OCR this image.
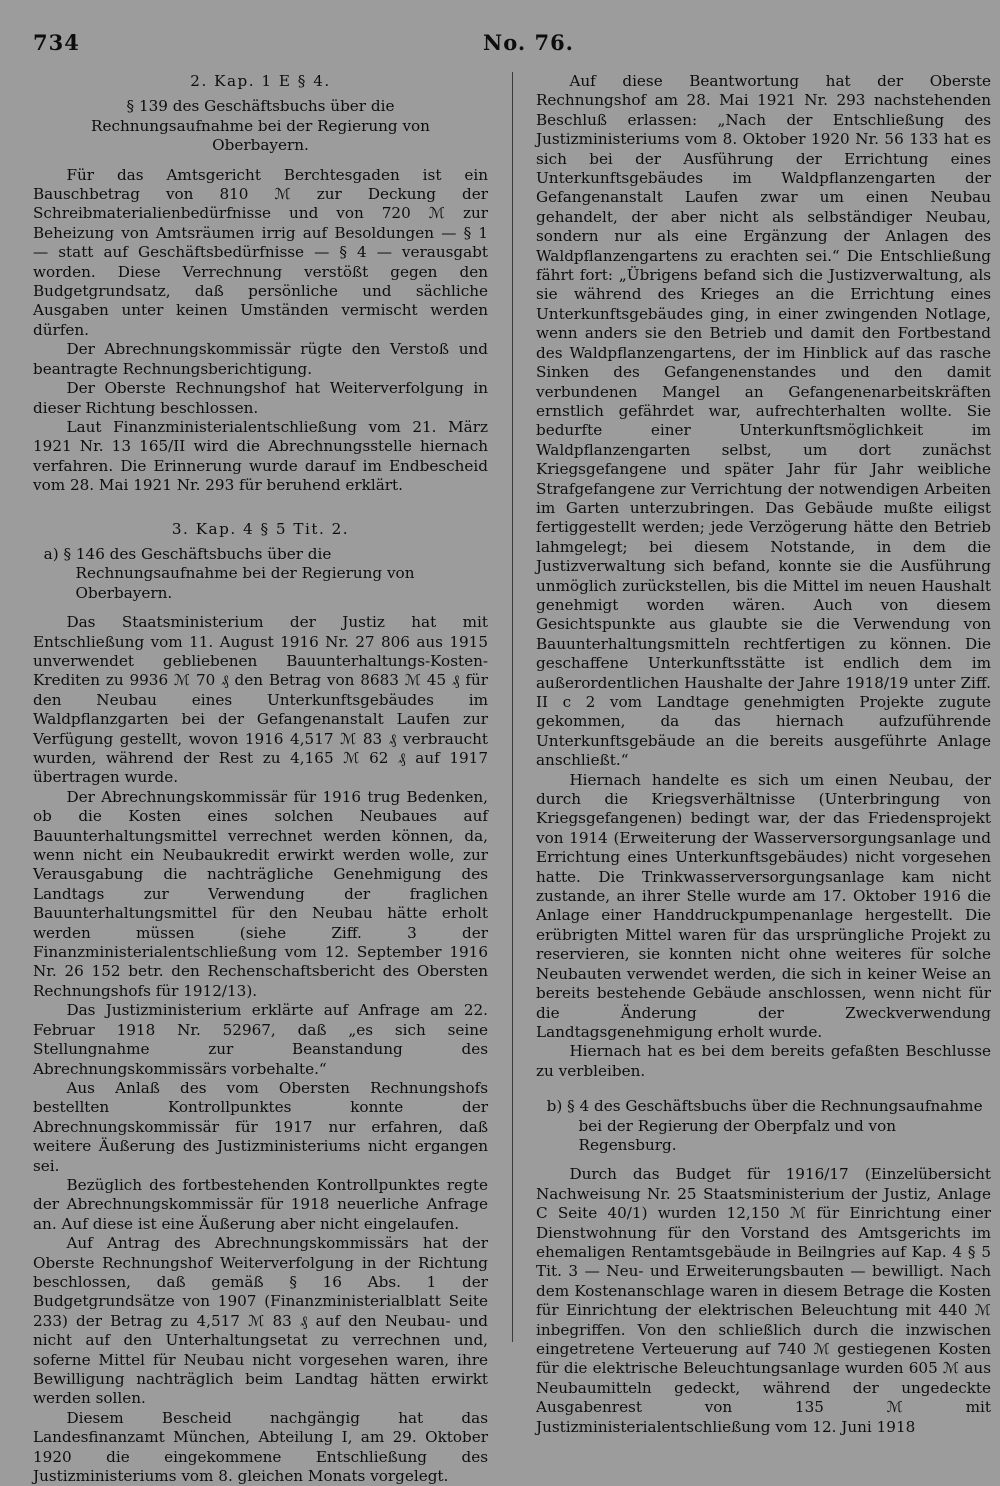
734	No. 76.

2. Kap. 1 E § 4.

§ 139 des Geschäftsbuchs über die Rechnungsaufnahme bei der Regierung von Oberbayern.

Für das Amtsgericht Berchtesgaden ist ein Bauschbetrag von 810 ℳ zur Deckung der Schreibmaterialienbedürfnisse und von 720 ℳ zur Beheizung von Amtsräumen irrig auf Besoldungen — § 1 — statt auf Geschäftsbedürfnisse — § 4 — verausgabt worden. Diese Verrechnung verstößt gegen den Budgetgrundsatz, daß persönliche und sächliche Ausgaben unter keinen Umständen vermischt werden dürfen.

Der Abrechnungskommissär rügte den Verstoß und beantragte Rechnungsberichtigung.

Der Oberste Rechnungshof hat Weiterverfolgung in dieser Richtung beschlossen.

Laut Finanzministerialentschließung vom 21. März 1921 Nr. 13 165/II wird die Abrechnungsstelle hiernach verfahren. Die Erinnerung wurde darauf im Endbescheid vom 28. Mai 1921 Nr. 293 für beruhend erklärt.

3. Kap. 4 § 5 Tit. 2.

a) § 146 des Geschäftsbuchs über die Rechnungsaufnahme bei der Regierung von Oberbayern.

Das Staatsministerium der Justiz hat mit Entschließung vom 11. August 1916 Nr. 27 806 aus 1915 unverwendet gebliebenen Bauunterhaltungs-Kosten-Krediten zu 9936 ℳ 70 ₰ den Betrag von 8683 ℳ 45 ₰ für den Neubau eines Unterkunftsgebäudes im Waldpflanzgarten bei der Gefangenanstalt Laufen zur Verfügung gestellt, wovon 1916 4,517 ℳ 83 ₰ verbraucht wurden, während der Rest zu 4,165 ℳ 62 ₰ auf 1917 übertragen wurde.

Der Abrechnungskommissär für 1916 trug Bedenken, ob die Kosten eines solchen Neubaues auf Bauunterhaltungsmittel verrechnet werden können, da, wenn nicht ein Neubaukredit erwirkt werden wolle, zur Verausgabung die nachträgliche Genehmigung des Landtags zur Verwendung der fraglichen Bauunterhaltungsmittel für den Neubau hätte erholt werden müssen (siehe Ziff. 3 der Finanzministerialentschließung vom 12. September 1916 Nr. 26 152 betr. den Rechenschaftsbericht des Obersten Rechnungshofs für 1912/13).

Das Justizministerium erklärte auf Anfrage am 22. Februar 1918 Nr. 52967, daß „es sich seine Stellungnahme zur Beanstandung des Abrechnungskommissärs vorbehalte.“

Aus Anlaß des vom Obersten Rechnungshofs bestellten Kontrollpunktes konnte der Abrechnungskommissär für 1917 nur erfahren, daß weitere Äußerung des Justizministeriums nicht ergangen sei.

Bezüglich des fortbestehenden Kontrollpunktes regte der Abrechnungskommissär für 1918 neuerliche Anfrage an. Auf diese ist eine Äußerung aber nicht eingelaufen.

Auf Antrag des Abrechnungskommissärs hat der Oberste Rechnungshof Weiterverfolgung in der Richtung beschlossen, daß gemäß § 16 Abs. 1 der Budgetgrundsätze von 1907 (Finanzministerialblatt Seite 233) der Betrag zu 4,517 ℳ 83 ₰ auf den Neubau- und nicht auf den Unterhaltungsetat zu verrechnen und, soferne Mittel für Neubau nicht vorgesehen waren, ihre Bewilligung nachträglich beim Landtag hätten erwirkt werden sollen.

Diesem Bescheid nachgängig hat das Landesfinanzamt München, Abteilung I, am 29. Oktober 1920 die eingekommene Entschließung des Justizministeriums vom 8. gleichen Monats vorgelegt.

Auf diese Beantwortung hat der Oberste Rechnungshof am 28. Mai 1921 Nr. 293 nachstehenden Beschluß erlassen: „Nach der Entschließung des Justizministeriums vom 8. Oktober 1920 Nr. 56 133 hat es sich bei der Ausführung der Errichtung eines Unterkunftsgebäudes im Waldpflanzengarten der Gefangenanstalt Laufen zwar um einen Neubau gehandelt, der aber nicht als selbständiger Neubau, sondern nur als eine Ergänzung der Anlagen des Waldpflanzengartens zu erachten sei.“ Die Entschließung fährt fort: „Übrigens befand sich die Justizverwaltung, als sie während des Krieges an die Errichtung eines Unterkunftsgebäudes ging, in einer zwingenden Notlage, wenn anders sie den Betrieb und damit den Fortbestand des Waldpflanzengartens, der im Hinblick auf das rasche Sinken des Gefangenenstandes und den damit verbundenen Mangel an Gefangenenarbeitskräften ernstlich gefährdet war, aufrechterhalten wollte. Sie bedurfte einer Unterkunftsmöglichkeit im Waldpflanzengarten selbst, um dort zunächst Kriegsgefangene und später Jahr für Jahr weibliche Strafgefangene zur Verrichtung der notwendigen Arbeiten im Garten unterzubringen. Das Gebäude mußte eiligst fertiggestellt werden; jede Verzögerung hätte den Betrieb lahmgelegt; bei diesem Notstande, in dem die Justizverwaltung sich befand, konnte sie die Ausführung unmöglich zurückstellen, bis die Mittel im neuen Haushalt genehmigt worden wären. Auch von diesem Gesichtspunkte aus glaubte sie die Verwendung von Bauunterhaltungsmitteln rechtfertigen zu können. Die geschaffene Unterkunftsstätte ist endlich dem im außerordentlichen Haushalte der Jahre 1918/19 unter Ziff. II c 2 vom Landtage genehmigten Projekte zugute gekommen, da das hiernach aufzuführende Unterkunftsgebäude an die bereits ausgeführte Anlage anschließt.“

Hiernach handelte es sich um einen Neubau, der durch die Kriegsverhältnisse (Unterbringung von Kriegsgefangenen) bedingt war, der das Friedensprojekt von 1914 (Erweiterung der Wasserversorgungsanlage und Errichtung eines Unterkunftsgebäudes) nicht vorgesehen hatte. Die Trinkwasserversorgungsanlage kam nicht zustande, an ihrer Stelle wurde am 17. Oktober 1916 die Anlage einer Handdruckpumpenanlage hergestellt. Die erübrigten Mittel waren für das ursprüngliche Projekt zu reservieren, sie konnten nicht ohne weiteres für solche Neubauten verwendet werden, die sich in keiner Weise an bereits bestehende Gebäude anschlossen, wenn nicht für die Änderung der Zweckverwendung Landtagsgenehmigung erholt wurde.

Hiernach hat es bei dem bereits gefaßten Beschlusse zu verbleiben.

b) § 4 des Geschäftsbuchs über die Rechnungsaufnahme bei der Regierung der Oberpfalz und von Regensburg.

Durch das Budget für 1916/17 (Einzelübersicht Nachweisung Nr. 25 Staatsministerium der Justiz, Anlage C Seite 40/1) wurden 12,150 ℳ für Einrichtung einer Dienstwohnung für den Vorstand des Amtsgerichts im ehemaligen Rentamtsgebäude in Beilngries auf Kap. 4 § 5 Tit. 3 — Neu- und Erweiterungsbauten — bewilligt. Nach dem Kostenanschlage waren in diesem Betrage die Kosten für Einrichtung der elektrischen Beleuchtung mit 440 ℳ inbegriffen. Von den schließlich durch die inzwischen eingetretene Verteuerung auf 740 ℳ gestiegenen Kosten für die elektrische Beleuchtungsanlage wurden 605 ℳ aus Neubaumitteln gedeckt, während der ungedeckte Ausgabenrest von 135 ℳ mit Justizministerialentschließung vom 12. Juni 1918
